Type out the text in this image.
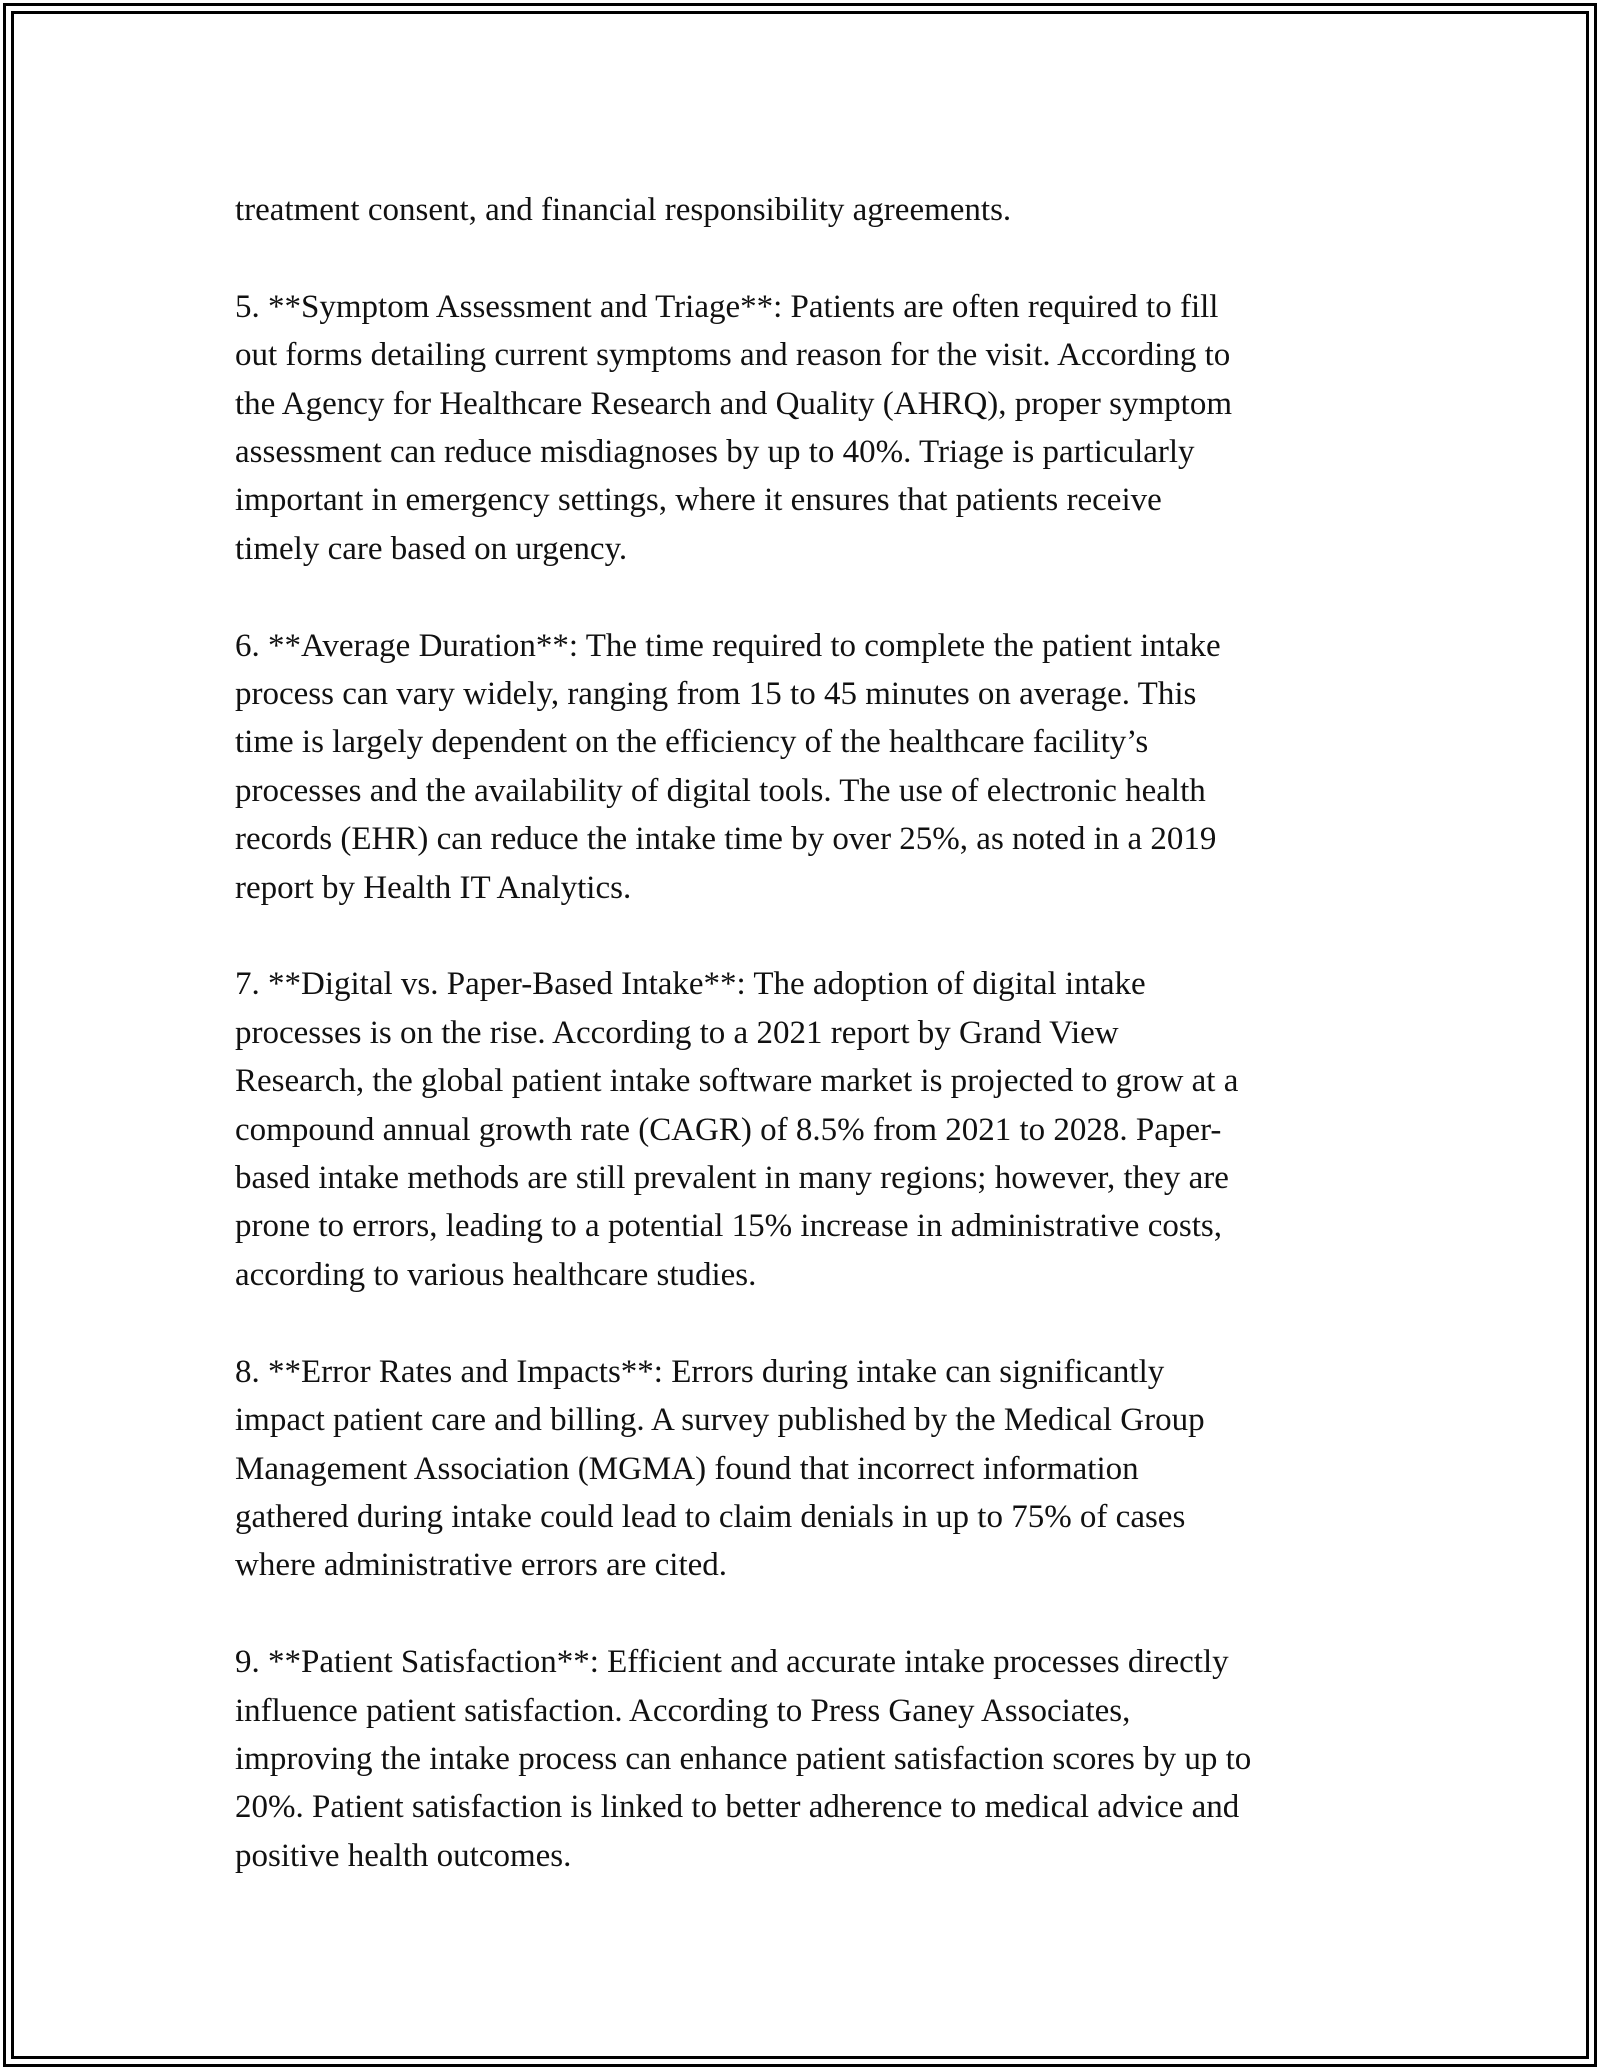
treatment consent, and financial responsibility agreements.

5. **Symptom Assessment and Triage**: Patients are often required to fill
out forms detailing current symptoms and reason for the visit. According to
the Agency for Healthcare Research and Quality (AHRQ), proper symptom
assessment can reduce misdiagnoses by up to 40%. Triage is particularly
important in emergency settings, where it ensures that patients receive
timely care based on urgency.

6. **Average Duration**: The time required to complete the patient intake
process can vary widely, ranging from 15 to 45 minutes on average. This
time is largely dependent on the efficiency of the healthcare facility’s
processes and the availability of digital tools. The use of electronic health
records (EHR) can reduce the intake time by over 25%, as noted in a 2019
report by Health IT Analytics.

7. **Digital vs. Paper-Based Intake**: The adoption of digital intake
processes is on the rise. According to a 2021 report by Grand View
Research, the global patient intake software market is projected to grow at a
compound annual growth rate (CAGR) of 8.5% from 2021 to 2028. Paper-
based intake methods are still prevalent in many regions; however, they are
prone to errors, leading to a potential 15% increase in administrative costs,
according to various healthcare studies.

8. **Error Rates and Impacts**: Errors during intake can significantly
impact patient care and billing. A survey published by the Medical Group
Management Association (MGMA) found that incorrect information
gathered during intake could lead to claim denials in up to 75% of cases
where administrative errors are cited.

9. **Patient Satisfaction**: Efficient and accurate intake processes directly
influence patient satisfaction. According to Press Ganey Associates,
improving the intake process can enhance patient satisfaction scores by up to
20%. Patient satisfaction is linked to better adherence to medical advice and
positive health outcomes.
